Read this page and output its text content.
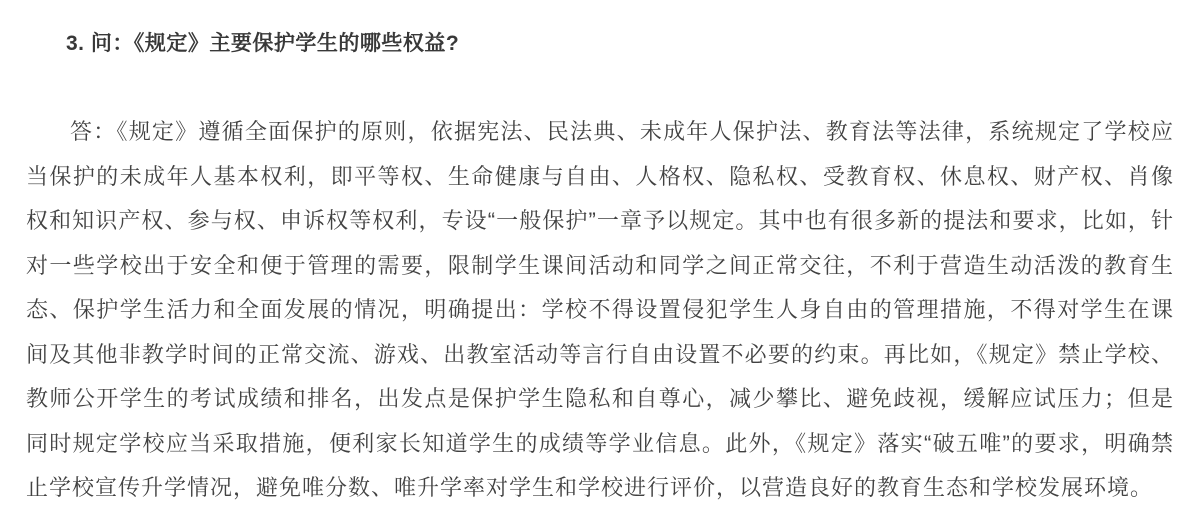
3. 问：《规定》主要保护学生的哪些权益?

答：《规定》遵循全面保护的原则，依据宪法、民法典、未成年人保护法、教育法等法律，系统规定了学校应当保护的未成年人基本权利，即平等权、生命健康与自由、人格权、隐私权、受教育权、休息权、财产权、肖像权和知识产权、参与权、申诉权等权利，专设“一般保护”一章予以规定。其中也有很多新的提法和要求，比如，针对一些学校出于安全和便于管理的需要，限制学生课间活动和同学之间正常交往，不利于营造生动活泼的教育生态、保护学生活力和全面发展的情况，明确提出：学校不得设置侵犯学生人身自由的管理措施，不得对学生在课间及其他非教学时间的正常交流、游戏、出教室活动等言行自由设置不必要的约束。再比如，《规定》禁止学校、教师公开学生的考试成绩和排名，出发点是保护学生隐私和自尊心，减少攀比、避免歧视，缓解应试压力；但是同时规定学校应当采取措施，便利家长知道学生的成绩等学业信息。此外，《规定》落实“破五唯”的要求，明确禁止学校宣传升学情况，避免唯分数、唯升学率对学生和学校进行评价，以营造良好的教育生态和学校发展环境。
